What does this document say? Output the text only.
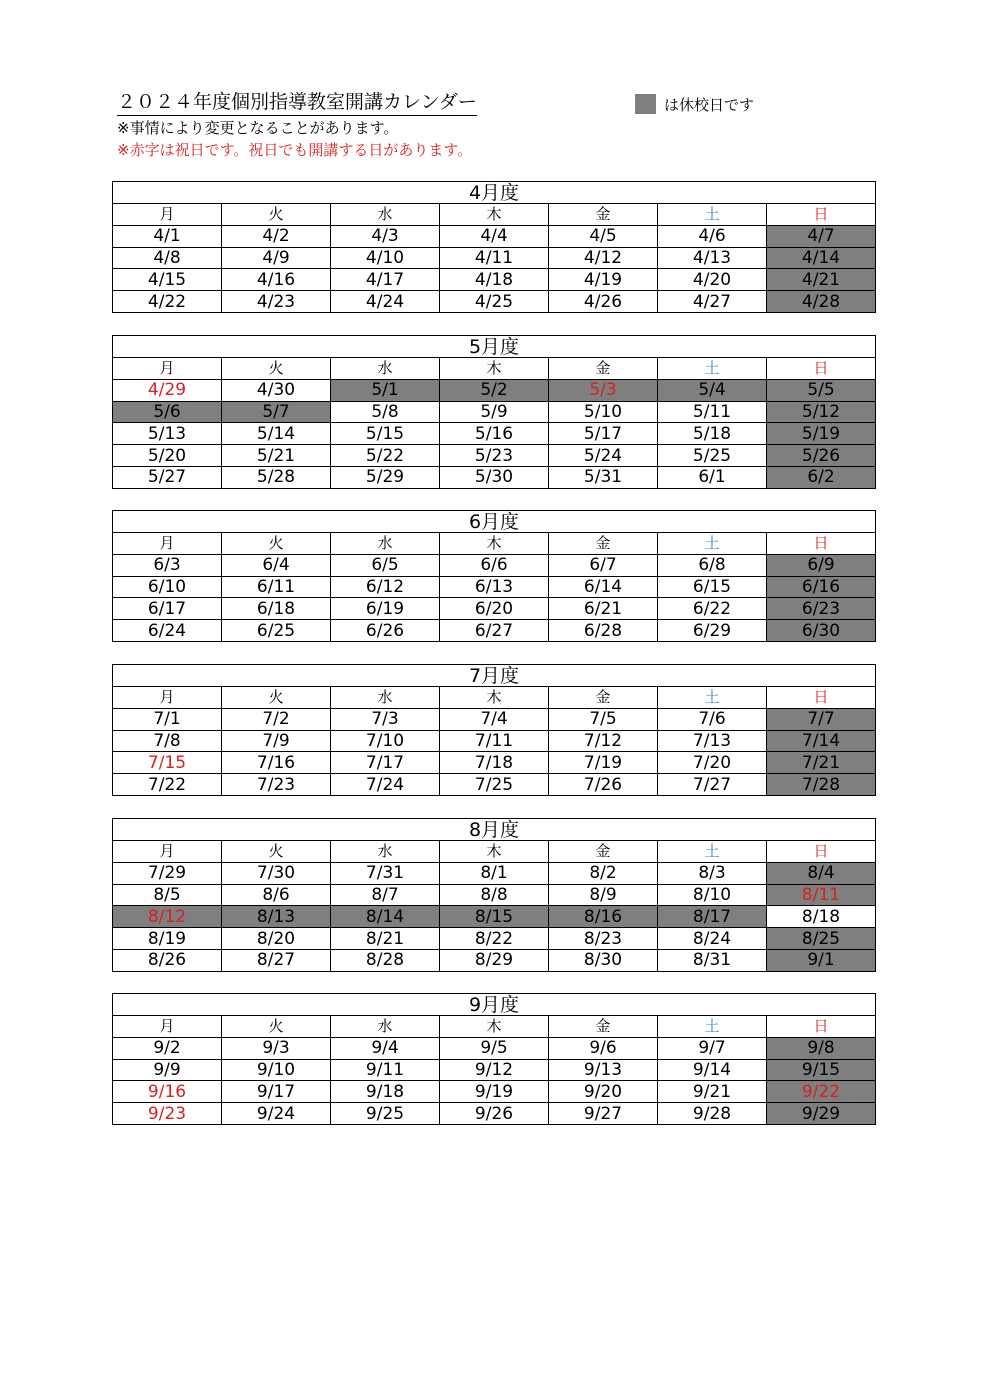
２０２４年度個別指導教室開講カレンダー
※事情により変更となることがあります。
※赤字は祝日です。祝日でも開講する日があります。
は休校日です
4月度						
月	火	水	木	金	土	日
4/1	4/2	4/3	4/4	4/5	4/6	4/7
4/8	4/9	4/10	4/11	4/12	4/13	4/14
4/15	4/16	4/17	4/18	4/19	4/20	4/21
4/22	4/23	4/24	4/25	4/26	4/27	4/28
5月度						
月	火	水	木	金	土	日
4/29	4/30	5/1	5/2	5/3	5/4	5/5
5/6	5/7	5/8	5/9	5/10	5/11	5/12
5/13	5/14	5/15	5/16	5/17	5/18	5/19
5/20	5/21	5/22	5/23	5/24	5/25	5/26
5/27	5/28	5/29	5/30	5/31	6/1	6/2
6月度						
月	火	水	木	金	土	日
6/3	6/4	6/5	6/6	6/7	6/8	6/9
6/10	6/11	6/12	6/13	6/14	6/15	6/16
6/17	6/18	6/19	6/20	6/21	6/22	6/23
6/24	6/25	6/26	6/27	6/28	6/29	6/30
7月度						
月	火	水	木	金	土	日
7/1	7/2	7/3	7/4	7/5	7/6	7/7
7/8	7/9	7/10	7/11	7/12	7/13	7/14
7/15	7/16	7/17	7/18	7/19	7/20	7/21
7/22	7/23	7/24	7/25	7/26	7/27	7/28
8月度						
月	火	水	木	金	土	日
7/29	7/30	7/31	8/1	8/2	8/3	8/4
8/5	8/6	8/7	8/8	8/9	8/10	8/11
8/12	8/13	8/14	8/15	8/16	8/17	8/18
8/19	8/20	8/21	8/22	8/23	8/24	8/25
8/26	8/27	8/28	8/29	8/30	8/31	9/1
9月度						
月	火	水	木	金	土	日
9/2	9/3	9/4	9/5	9/6	9/7	9/8
9/9	9/10	9/11	9/12	9/13	9/14	9/15
9/16	9/17	9/18	9/19	9/20	9/21	9/22
9/23	9/24	9/25	9/26	9/27	9/28	9/29
